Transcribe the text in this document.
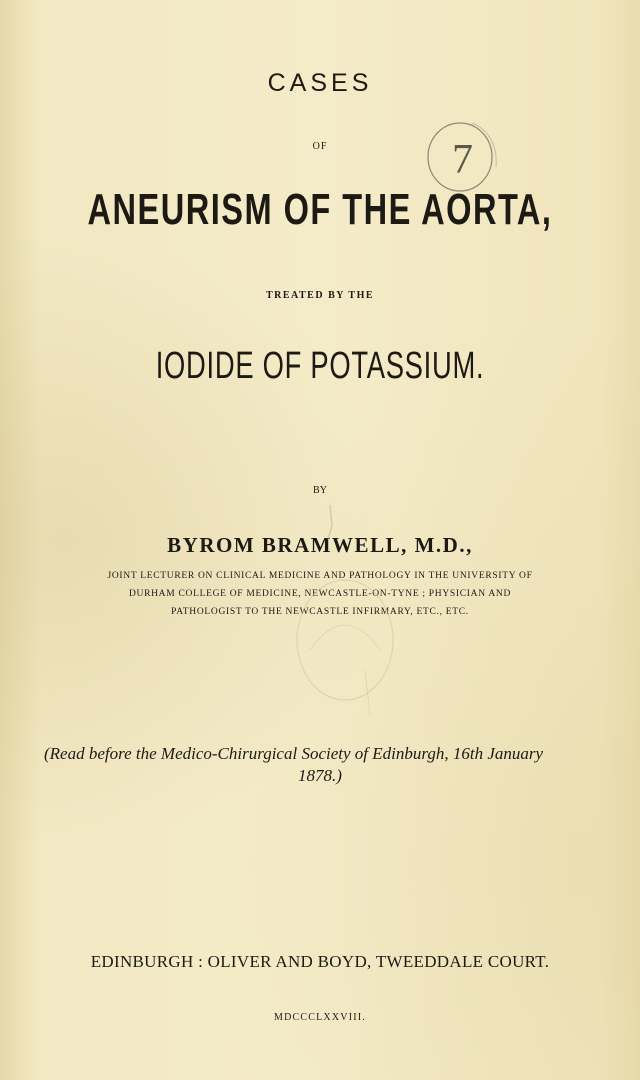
CASES
OF	7
ANEURISM OF THE AORTA,
TREATED BY THE
IODIDE OF POTASSIUM.
BY
BYROM BRAMWELL, M.D.,
JOINT LECTURER ON CLINICAL MEDICINE AND PATHOLOGY IN THE UNIVERSITY OF
DURHAM COLLEGE OF MEDICINE, NEWCASTLE-ON-TYNE ; PHYSICIAN AND
PATHOLOGIST TO THE NEWCASTLE INFIRMARY, ETC., ETC.
(Read before the Medico-Chirurgical Society of Edinburgh, 16th January
1878.)
EDINBURGH : OLIVER AND BOYD, TWEEDDALE COURT.
MDCCCLXXVIII.
